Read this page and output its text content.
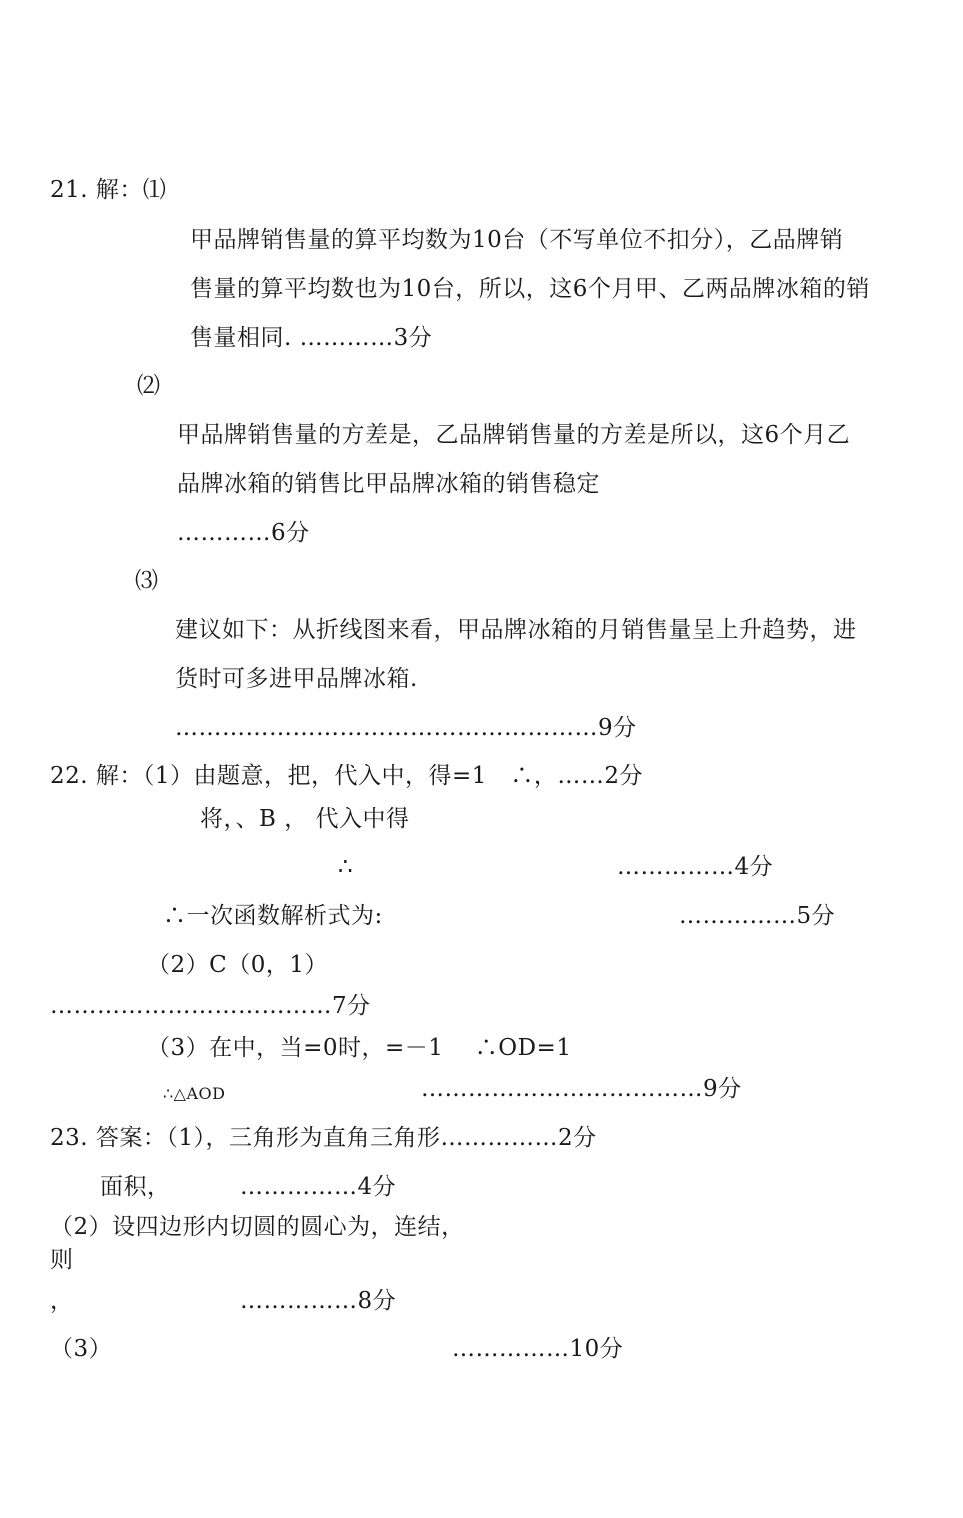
21. 解：⑴
甲品牌销售量的算平均数为10台（不写单位不扣分），乙品牌销
售量的算平均数也为10台，所以，这6个月甲、乙两品牌冰箱的销
售量相同. …………3分
⑵
甲品牌销售量的方差是，乙品牌销售量的方差是所以，这6个月乙
品牌冰箱的销售比甲品牌冰箱的销售稳定
…………6分
⑶
建议如下：从折线图来看，甲品牌冰箱的月销售量呈上升趋势，进
货时可多进甲品牌冰箱.
………………………………………………9分
22. 解：（1）由题意，把，代入中，得=1　∴，……2分
将，、B ， 代入中得
∴	……………4分
∴一次函数解析式为:	……………5分
（2）C（0，1）
………………………………7分
（3）在中，当=0时，=－1　 ∴OD=1
∴△AOD	………………………………9分
23. 答案：（1），三角形为直角三角形……………2分
面积，	……………4分
（2）设四边形内切圆的圆心为，连结，
则
，	……………8分
（3）	……………10分
